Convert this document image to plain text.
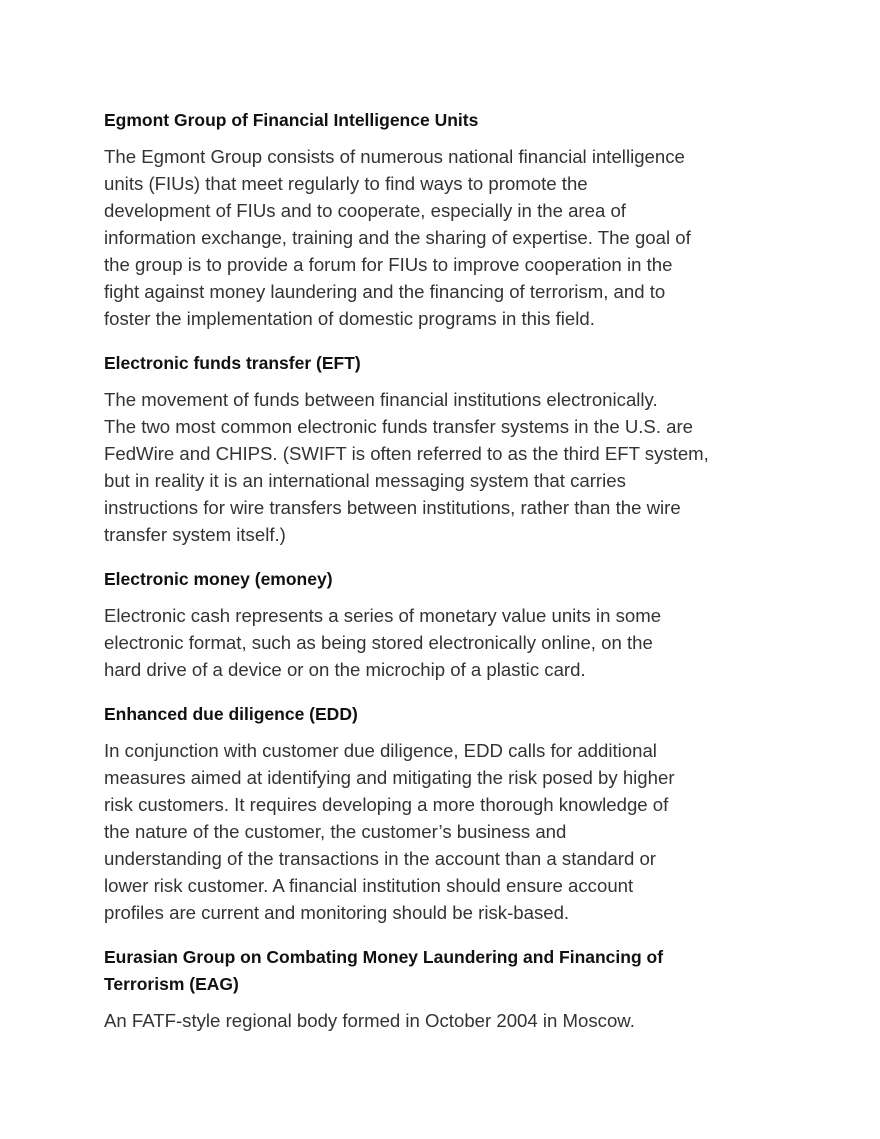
Egmont Group of Financial Intelligence Units

The Egmont Group consists of numerous national financial intelligence
units (FIUs) that meet regularly to find ways to promote the
development of FIUs and to cooperate, especially in the area of
information exchange, training and the sharing of expertise. The goal of
the group is to provide a forum for FIUs to improve cooperation in the
fight against money laundering and the financing of terrorism, and to
foster the implementation of domestic programs in this field.

Electronic funds transfer (EFT)

The movement of funds between financial institutions electronically.
The two most common electronic funds transfer systems in the U.S. are
FedWire and CHIPS. (SWIFT is often referred to as the third EFT system,
but in reality it is an international messaging system that carries
instructions for wire transfers between institutions, rather than the wire
transfer system itself.)

Electronic money (emoney)

Electronic cash represents a series of monetary value units in some
electronic format, such as being stored electronically online, on the
hard drive of a device or on the microchip of a plastic card.

Enhanced due diligence (EDD)

In conjunction with customer due diligence, EDD calls for additional
measures aimed at identifying and mitigating the risk posed by higher
risk customers. It requires developing a more thorough knowledge of
the nature of the customer, the customer’s business and
understanding of the transactions in the account than a standard or
lower risk customer. A financial institution should ensure account
profiles are current and monitoring should be risk-based.

Eurasian Group on Combating Money Laundering and Financing of
Terrorism (EAG)

An FATF-style regional body formed in October 2004 in Moscow.
